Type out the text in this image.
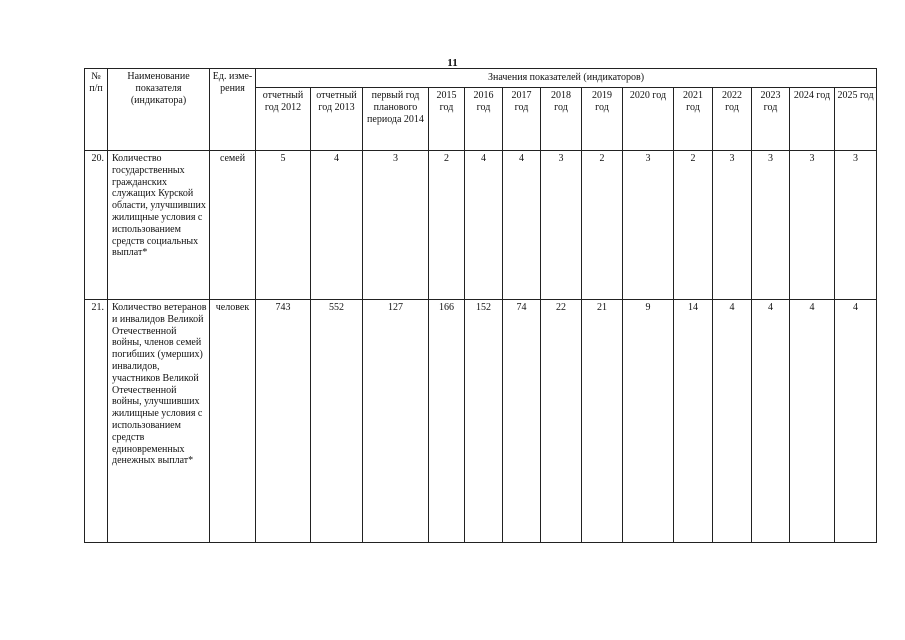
11
№ п/п	Наименование показателя (индикатора)	Ед. изме-рения	Значения показателей (индикаторов)													
			отчетный год 2012	отчетный год 2013	первый год планового периода 2014	2015 год	2016 год	2017 год	2018 год	2019 год	2020 год	2021 год	2022 год	2023 год	2024 год	2025 год
20.	Количество государственных гражданских служащих Курской области, улучшивших жилищные условия с использованием средств социальных выплат*	семей	5	4	3	2	4	4	3	2	3	2	3	3	3	3
21.	Количество ветеранов и инвалидов Великой Отечественной войны, членов семей погибших (умерших) инвалидов, участников Великой Отечественной войны, улучшивших жилищные условия с использованием средств единовременных денежных выплат*	человек	743	552	127	166	152	74	22	21	9	14	4	4	4	4
